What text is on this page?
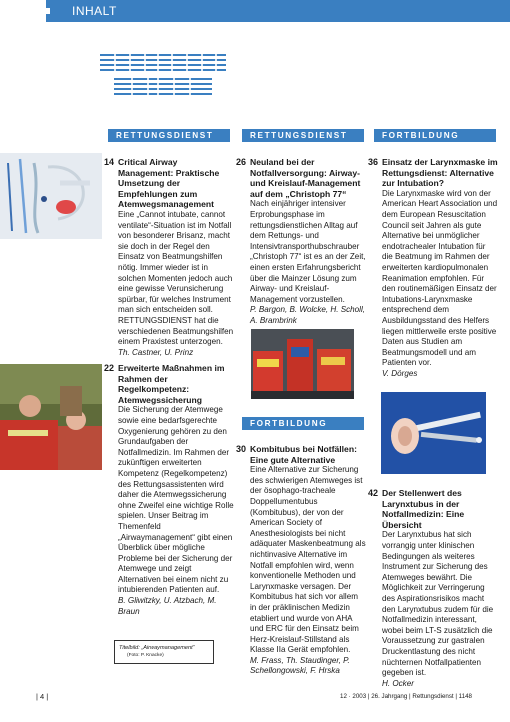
INHALT
RETTUNGSDIENST	RETTUNGSDIENST	FORTBILDUNG
FORTBILDUNG
14 Critical Airway Management: Praktische Umsetzung der Empfehlungen zum Atemwegsmanagement
Eine „Cannot intubate, cannot ventilate“-Situation ist im Notfall von besonderer Brisanz, macht sie doch in der Regel den Einsatz von Beatmungshilfen nötig. Immer wieder ist in solchen Momenten jedoch auch eine gewisse Verunsicherung spürbar, für welches Instrument man sich entscheiden soll. RETTUNGSDIENST hat die verschiedenen Beatmungshilfen einem Praxistest unterzogen.
Th. Castner, U. Prinz
22 Erweiterte Maßnahmen im Rahmen der Regelkompetenz: Atemwegssicherung
Die Sicherung der Atemwege sowie eine bedarfsgerechte Oxygenierung gehören zu den Grundaufgaben der Notfallmedizin. Im Rahmen der zukünftigen erweiterten Kompetenz (Regelkompetenz) des Rettungsassistenten wird daher die Atemwegssicherung ohne Zweifel eine wichtige Rolle spielen. Unser Beitrag im Themenfeld „Airwaymanagement“ gibt einen Überblick über mögliche Probleme bei der Sicherung der Atemwege und zeigt Alternativen bei einem nicht zu intubierenden Patienten auf.
B. Gliwitzky, U. Atzbach, M. Braun
26 Neuland bei der Notfallversorgung: Airway- und Kreislauf-Management auf dem „Christoph 77“
Nach einjähriger intensiver Erprobungsphase im rettungsdienstlichen Alltag auf dem Rettungs- und Intensivtransporthubschrauber „Christoph 77“ ist es an der Zeit, einen ersten Erfahrungsbericht über die Mainzer Lösung zum Airway- und Kreislauf-Management vorzustellen.
P. Bargon, B. Wolcke, H. Scholl, A. Brambrink
30 Kombitubus bei Notfällen: Eine gute Alternative
Eine Alternative zur Sicherung des schwierigen Atemweges ist der ösophago-tracheale Doppellumentubus (Kombitubus), der von der American Society of Anesthesiologists bei nicht adäquater Maskenbeatmung als nichtinvasive Alternative im Notfall empfohlen wird, wenn konventionelle Methoden und Larynxmaske versagen. Der Kombitubus hat sich vor allem in der präklinischen Medizin etabliert und wurde von AHA und ERC für den Einsatz beim Herz-Kreislauf-Stillstand als Klasse IIa Gerät empfohlen.
M. Frass, Th. Staudinger, P. Schellongowski, F. Hrska
36 Einsatz der Larynxmaske im Rettungsdienst: Alternative zur Intubation?
Die Larynxmaske wird von der American Heart Association und dem European Resuscitation Council seit Jahren als gute Alternative bei unmöglicher endotrachealer Intubation für die Beatmung im Rahmen der erweiterten kardiopulmonalen Reanimation empfohlen. Für den routinemäßigen Einsatz der Intubations-Larynxmaske entsprechend dem Ausbildungsstand des Helfers liegen mittlerweile erste positive Daten aus Studien am Beatmungsmodell und am Patienten vor.
V. Dörges
42 Der Stellenwert des Larynxtubus in der Notfallmedizin: Eine Übersicht
Der Larynxtubus hat sich vorrangig unter klinischen Bedingungen als weiteres Instrument zur Sicherung des Atemweges bewährt. Die Möglichkeit zur Verringerung des Aspirationsrisikos macht den Larynxtubus zudem für die Notfallmedizin interessant, wobei beim LT-S zusätzlich die Voraussetzung zur gastralen Druckentlastung des nicht nüchternen Notfallpatienten gegeben ist.
H. Ocker
Titelbild: „Airwaymanagement“
(Foto: P. Knacke)
| 4 |	12 · 2003 | 26. Jahrgang | Rettungsdienst | 1148
